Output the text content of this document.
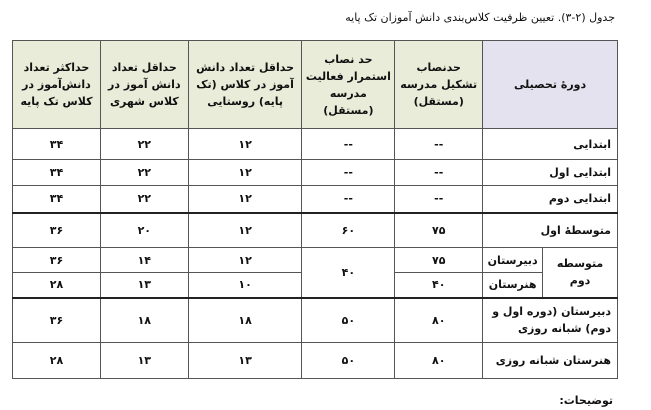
جدول (۲-۳). تعیین ظرفیت کلاس‌بندی دانش آموزان تک پایه
دورهٔ تحصیلی		حدنصاب تشکیل مدرسه (مستقل)	حد نصاب استمرار فعالیت مدرسه (مستقل)	حداقل تعداد دانش آموز در کلاس (تک پایه) روستایی	حداقل تعداد دانش آموز در کلاس شهری	حداکثر تعداد دانش‌آموز در کلاس تک پایه
ابتدایی		--	--	۱۲	۲۲	۳۴
ابتدایی اول		--	--	۱۲	۲۲	۳۴
ابتدایی دوم		--	--	۱۲	۲۲	۳۴
متوسطهٔ اول		۷۵	۶۰	۱۲	۲۰	۳۶
متوسطه دوم	دبیرستان	۷۵	۴۰	۱۲	۱۴	۳۶
	هنرستان	۴۰		۱۰	۱۳	۲۸
دبیرستان (دوره اول و دوم) شبانه روزی		۸۰	۵۰	۱۸	۱۸	۳۶
هنرستان شبانه روزی		۸۰	۵۰	۱۳	۱۳	۲۸
توضیحات:
